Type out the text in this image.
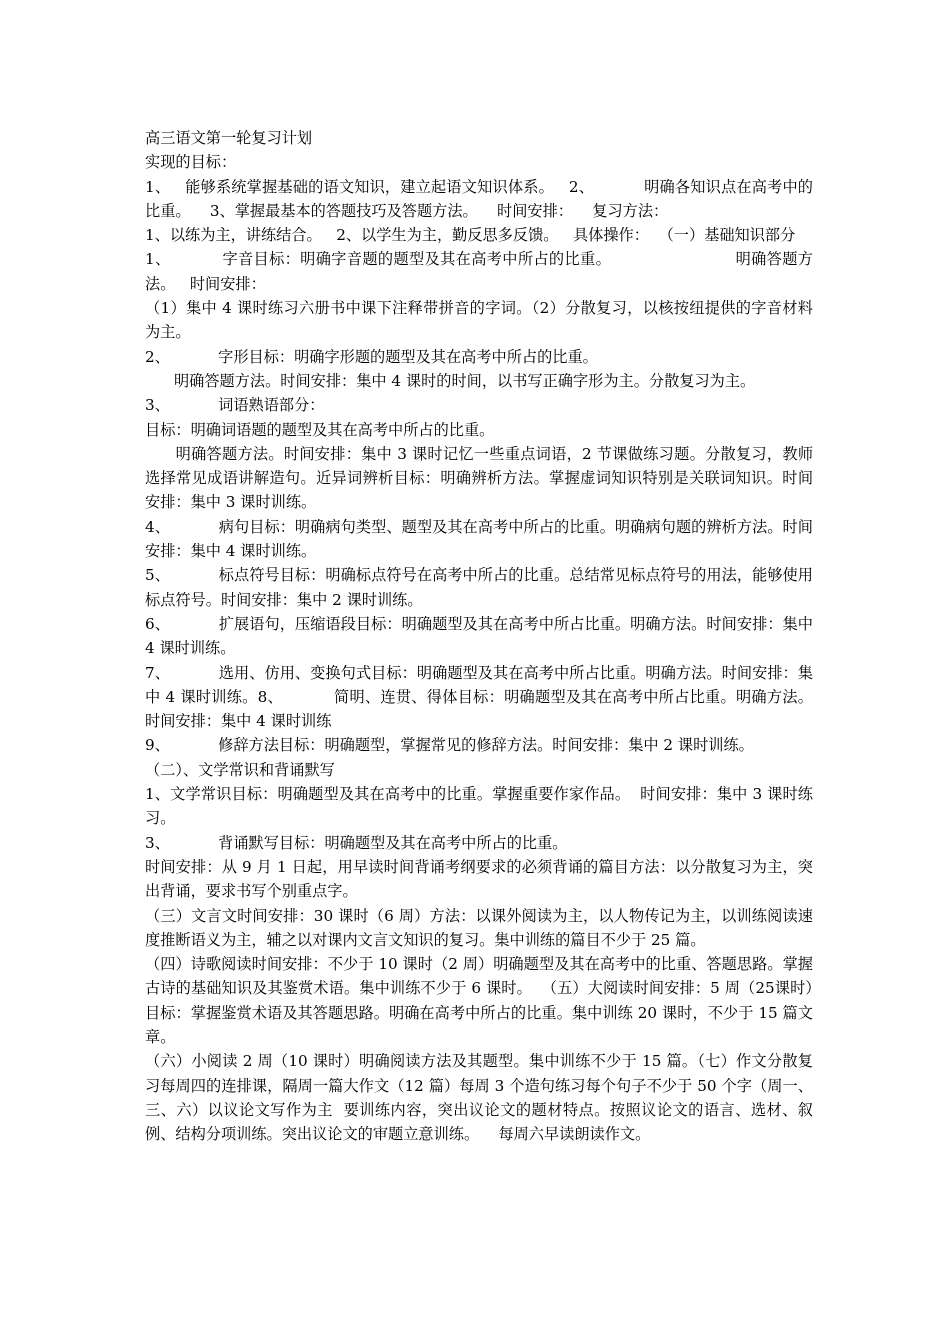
高三语文第一轮复习计划

实现的目标：

1、   能够系统掌握基础的语文知识，建立起语文知识体系。   2、          明确各知识点在高考中的比重。    3、掌握最基本的答题技巧及答题方法。    时间安排：    复习方法：

1、以练为主，讲练结合。   2、以学生为主，勤反思多反馈。   具体操作：  （一）基础知识部分

1、          字音目标：明确字音题的题型及其在高考中所占的比重。                        明确答题方法。   时间安排：

（1）集中 4 课时练习六册书中课下注释带拼音的字词。（2）分散复习，以核按纽提供的字音材料为主。

2、          字形目标：明确字形题的题型及其在高考中所占的比重。

明确答题方法。时间安排：集中 4 课时的时间，以书写正确字形为主。分散复习为主。

3、          词语熟语部分：

目标：明确词语题的题型及其在高考中所占的比重。

明确答题方法。时间安排：集中 3 课时记忆一些重点词语，2 节课做练习题。分散复习，教师选择常见成语讲解造句。近异词辨析目标：明确辨析方法。掌握虚词知识特别是关联词知识。时间安排：集中 3 课时训练。

4、          病句目标：明确病句类型、题型及其在高考中所占的比重。明确病句题的辨析方法。时间安排：集中 4 课时训练。

5、          标点符号目标：明确标点符号在高考中所占的比重。总结常见标点符号的用法，能够使用标点符号。时间安排：集中 2 课时训练。

6、          扩展语句，压缩语段目标：明确题型及其在高考中所占比重。明确方法。时间安排：集中 4 课时训练。

7、          选用、仿用、变换句式目标：明确题型及其在高考中所占比重。明确方法。时间安排：集中 4 课时训练。8、          简明、连贯、得体目标：明确题型及其在高考中所占比重。明确方法。时间安排：集中 4 课时训练

9、          修辞方法目标：明确题型，掌握常见的修辞方法。时间安排：集中 2 课时训练。

（二）、文学常识和背诵默写

1、文学常识目标：明确题型及其在高考中的比重。掌握重要作家作品。  时间安排：集中 3 课时练习。

3、          背诵默写目标：明确题型及其在高考中所占的比重。

时间安排：从 9 月 1 日起，用早读时间背诵考纲要求的必须背诵的篇目方法：以分散复习为主，突出背诵，要求书写个别重点字。

（三）文言文时间安排：30 课时（6 周）方法：以课外阅读为主，以人物传记为主，以训练阅读速度推断语义为主，辅之以对课内文言文知识的复习。集中训练的篇目不少于 25 篇。

（四）诗歌阅读时间安排：不少于 10 课时（2 周）明确题型及其在高考中的比重、答题思路。掌握古诗的基础知识及其鉴赏术语。集中训练不少于 6 课时。  （五）大阅读时间安排：5 周（25课时）目标：掌握鉴赏术语及其答题思路。明确在高考中所占的比重。集中训练 20 课时，不少于 15 篇文章。

（六）小阅读 2 周（10 课时）明确阅读方法及其题型。集中训练不少于 15 篇。（七）作文分散复习每周四的连排课，隔周一篇大作文（12 篇）每周 3 个造句练习每个句子不少于 50 个字（周一、三、六）以议论文写作为主  要训练内容，突出议论文的题材特点。按照议论文的语言、选材、叙例、结构分项训练。突出议论文的审题立意训练。    每周六早读朗读作文。
